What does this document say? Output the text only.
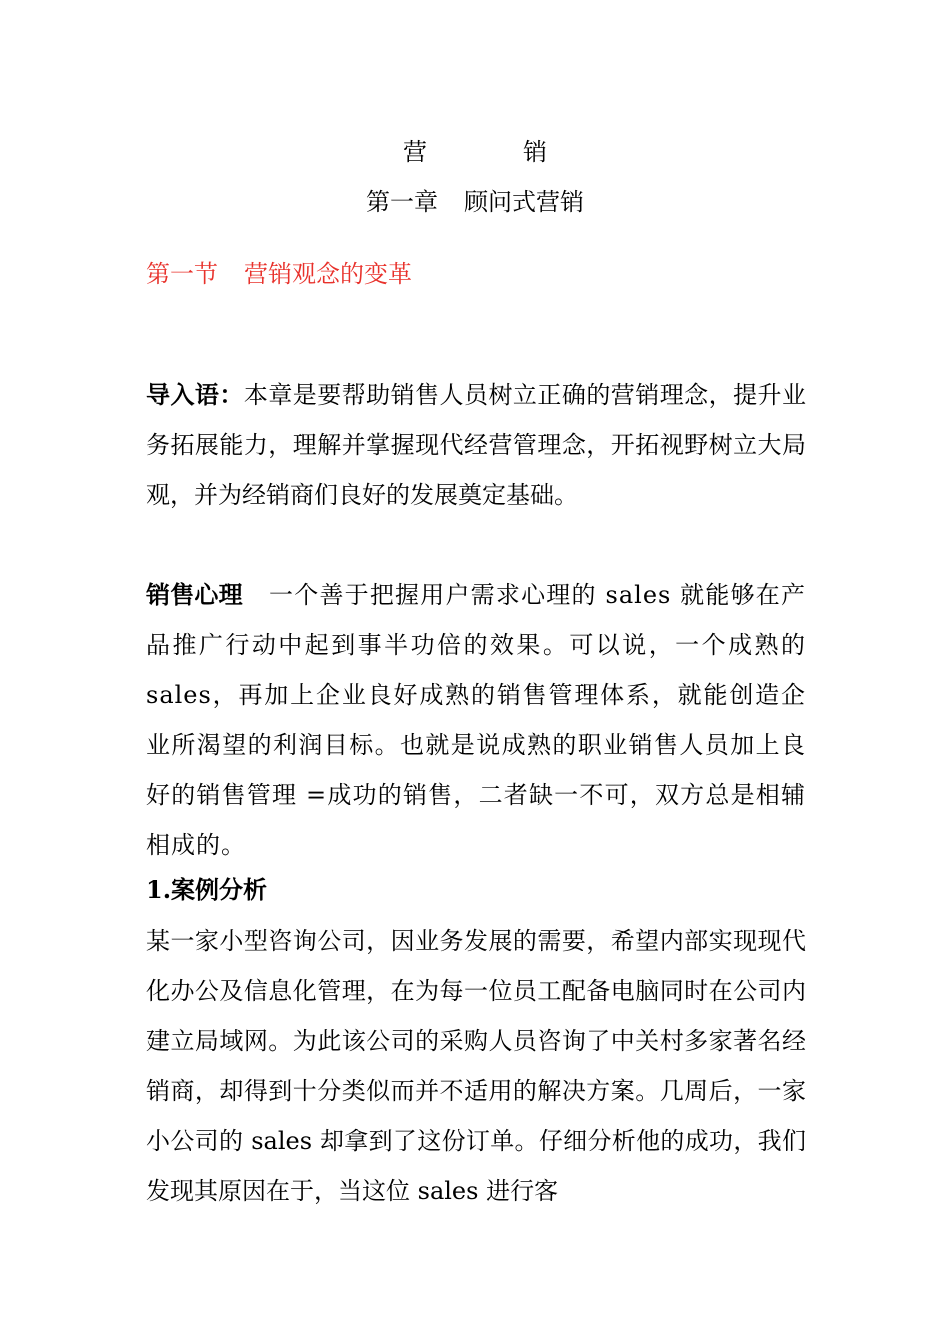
营	销
第一章 顾问式营销
第一节 营销观念的变革
导入语：本章是要帮助销售人员树立正确的营销理念，提升业务拓展能力，理解并掌握现代经营管理念，开拓视野树立大局观，并为经销商们良好的发展奠定基础。
销售心理 一个善于把握用户需求心理的 sales 就能够在产品推广行动中起到事半功倍的效果。可以说，一个成熟的 sales，再加上企业良好成熟的销售管理体系，就能创造企业所渴望的利润目标。也就是说成熟的职业销售人员加上良好的销售管理 =成功的销售，二者缺一不可，双方总是相辅相成的。
1.案例分析
某一家小型咨询公司，因业务发展的需要，希望内部实现现代化办公及信息化管理，在为每一位员工配备电脑同时在公司内建立局域网。为此该公司的采购人员咨询了中关村多家著名经销商，却得到十分类似而并不适用的解决方案。几周后，一家小公司的 sales 却拿到了这份订单。仔细分析他的成功，我们发现其原因在于，当这位 sales 进行客
